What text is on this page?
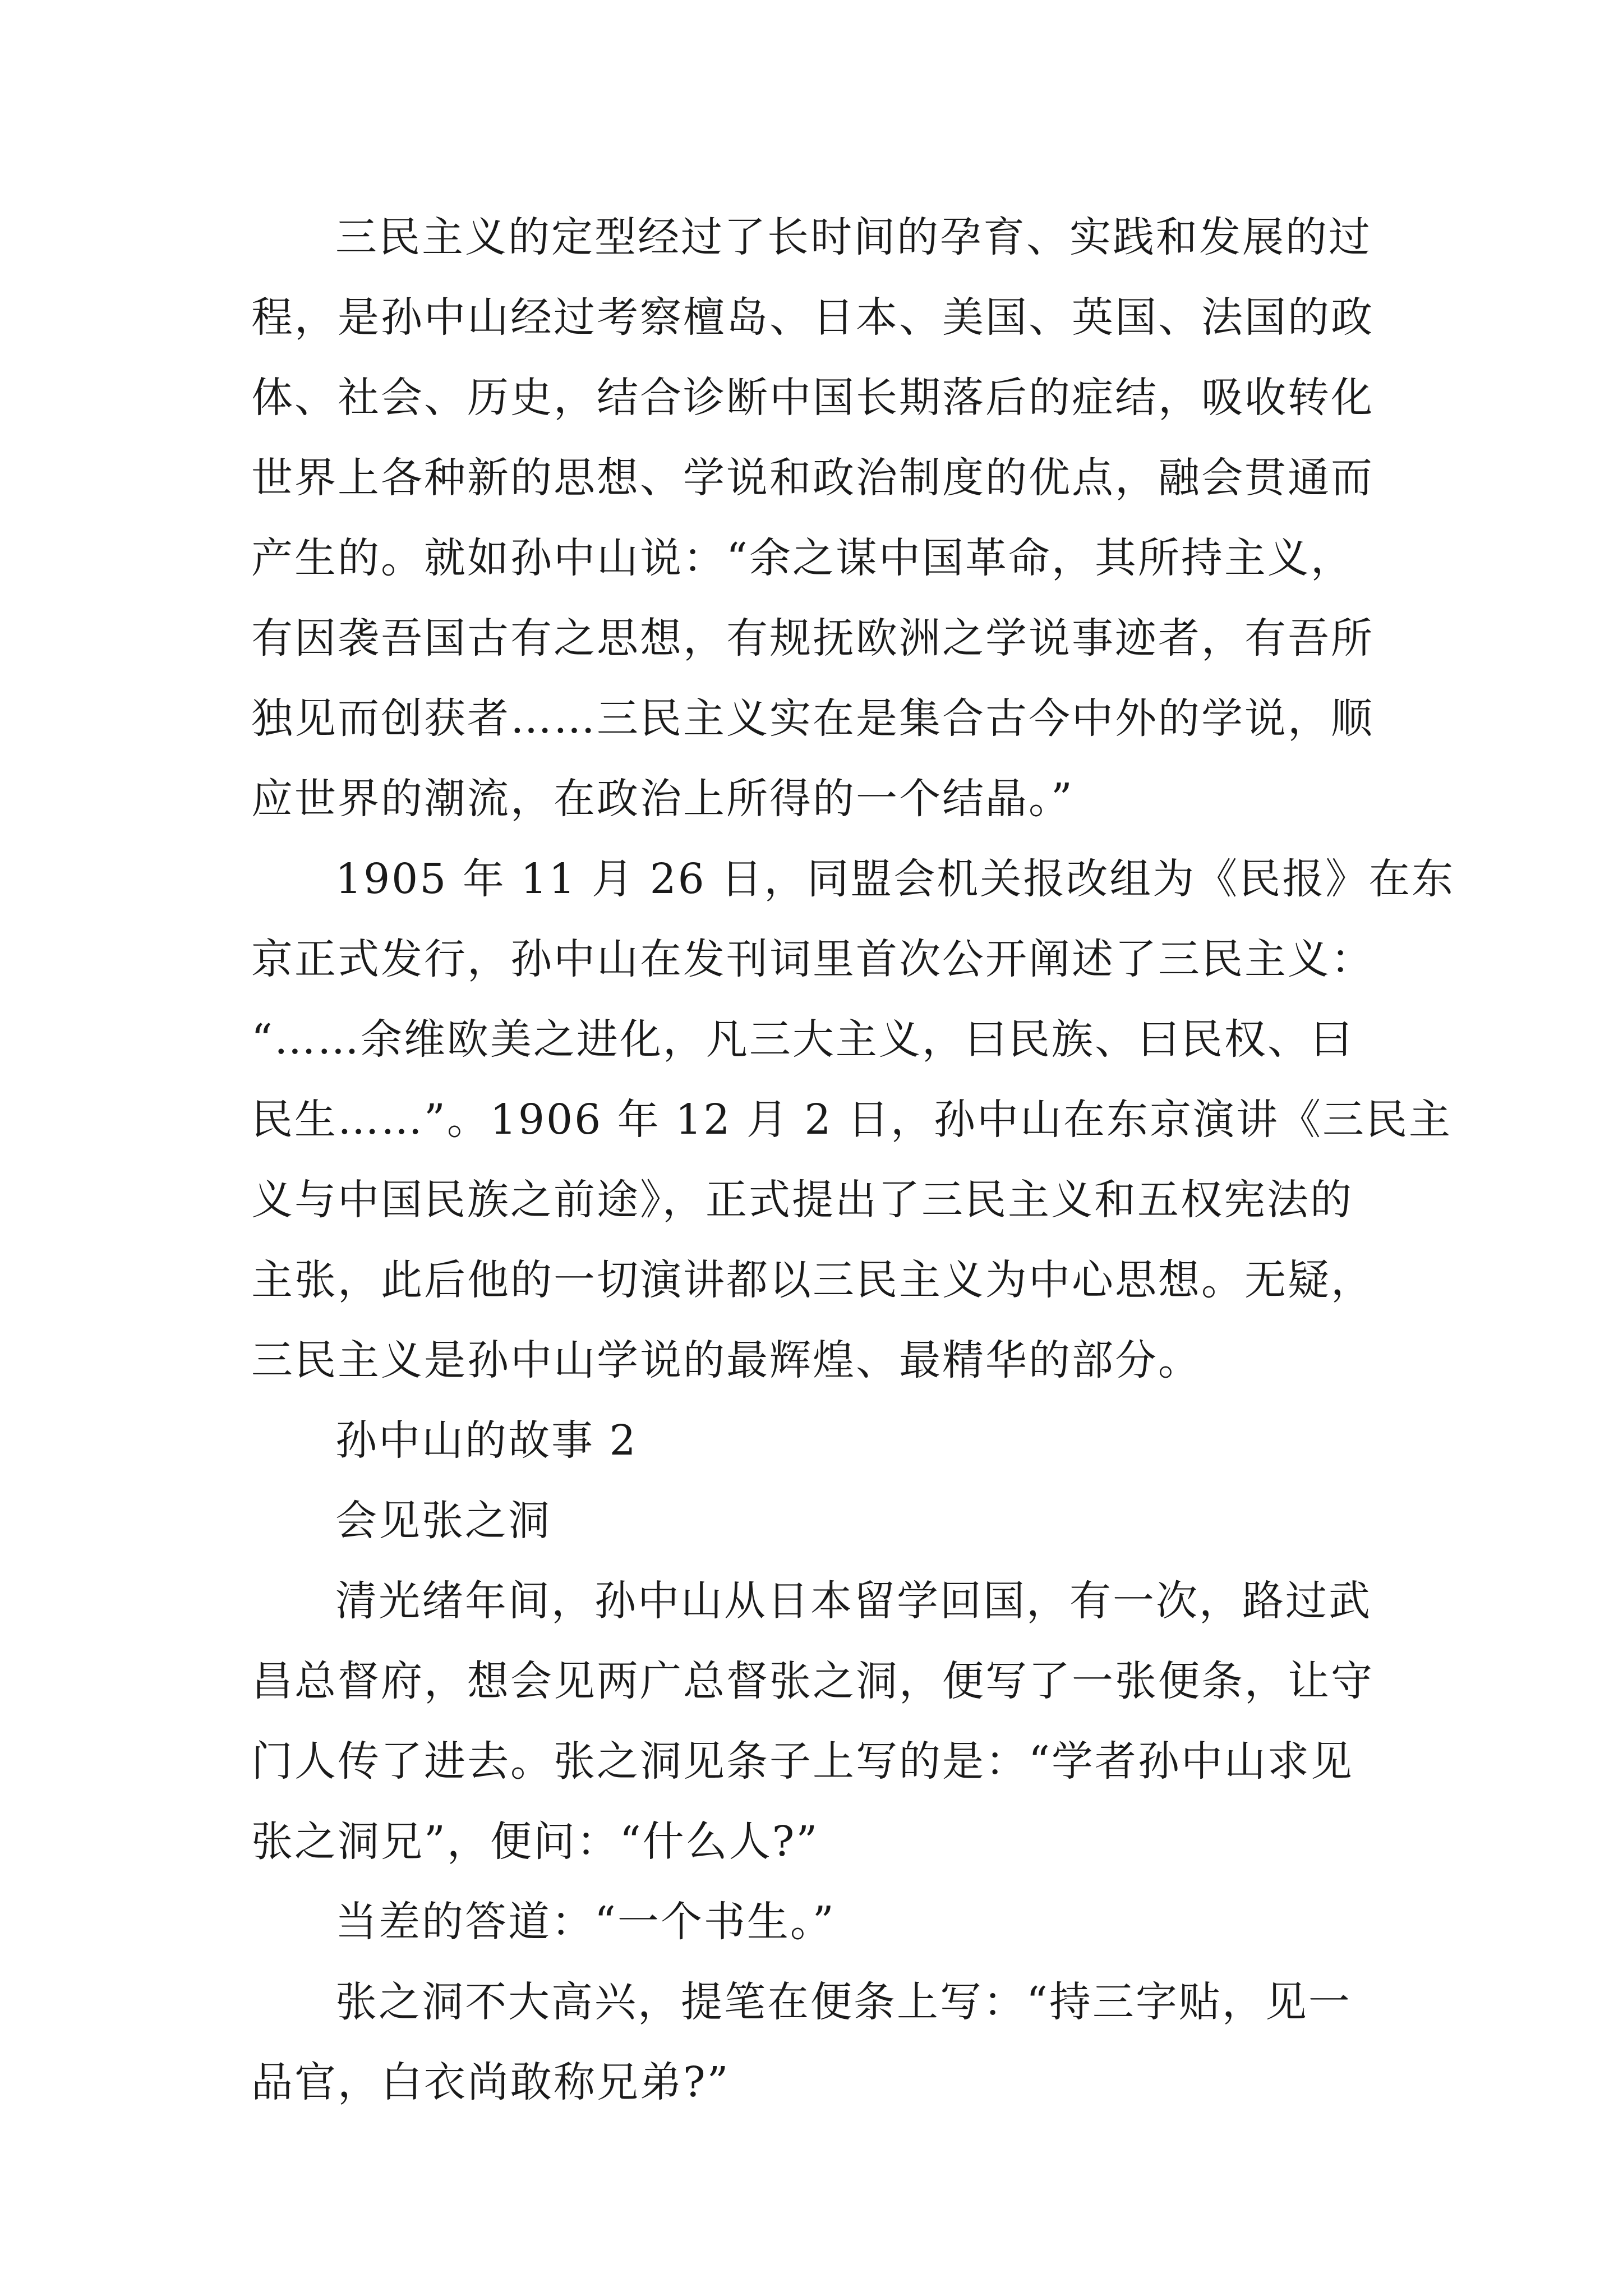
三民主义的定型经过了长时间的孕育、实践和发展的过
程，是孙中山经过考察檀岛、日本、美国、英国、法国的政
体、社会、历史，结合诊断中国长期落后的症结，吸收转化
世界上各种新的思想、学说和政治制度的优点，融会贯通而
产生的。就如孙中山说：“余之谋中国革命，其所持主义，
有因袭吾国古有之思想，有规抚欧洲之学说事迹者，有吾所
独见而创获者……三民主义实在是集合古今中外的学说，顺
应世界的潮流，在政治上所得的一个结晶。”
1905 年 11 月 26 日，同盟会机关报改组为《民报》在东
京正式发行，孙中山在发刊词里首次公开阐述了三民主义：
“……余维欧美之进化，凡三大主义，曰民族、曰民权、曰
民生……”。1906 年 12 月 2 日，孙中山在东京演讲《三民主
义与中国民族之前途》，正式提出了三民主义和五权宪法的
主张，此后他的一切演讲都以三民主义为中心思想。无疑，
三民主义是孙中山学说的最辉煌、最精华的部分。
孙中山的故事 2
会见张之洞
清光绪年间，孙中山从日本留学回国，有一次，路过武
昌总督府，想会见两广总督张之洞，便写了一张便条，让守
门人传了进去。张之洞见条子上写的是：“学者孙中山求见
张之洞兄”，便问：“什么人?”
当差的答道：“一个书生。”
张之洞不大高兴，提笔在便条上写：“持三字贴，见一
品官，白衣尚敢称兄弟?”
